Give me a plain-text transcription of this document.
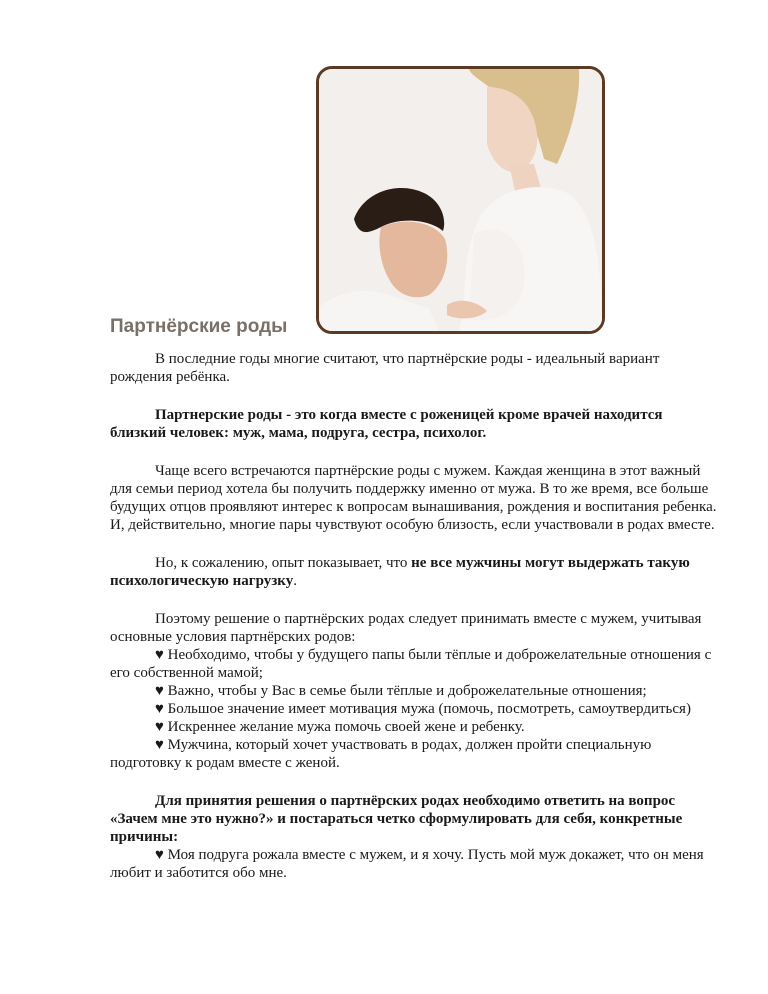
Партнёрские роды

В последние годы многие считают, что партнёрские роды - идеальный вариант рождения ребёнка.

Партнерские роды - это когда вместе с роженицей кроме врачей находится близкий человек: муж, мама, подруга, сестра, психолог.

Чаще всего встречаются партнёрские роды с мужем. Каждая женщина в этот важный для семьи период хотела бы получить поддержку именно от мужа. В то же время, все больше будущих отцов проявляют интерес к вопросам вынашивания, рождения и воспитания ребенка. И, действительно, многие пары чувствуют особую близость, если участвовали в родах вместе.

Но, к сожалению, опыт показывает, что не все мужчины могут выдержать такую психологическую нагрузку.

Поэтому решение о партнёрских родах следует принимать вместе с мужем, учитывая основные условия партнёрских родов:
♥ Необходимо, чтобы у будущего папы были тёплые и доброжелательные отношения с его собственной мамой;
♥ Важно, чтобы у Вас в семье были тёплые и доброжелательные отношения;
♥ Большое значение имеет мотивация мужа (помочь, посмотреть, самоутвердиться)
♥ Искреннее желание мужа помочь своей жене и ребенку.
♥ Мужчина, который хочет участвовать в родах, должен пройти специальную подготовку к родам вместе с женой.
Для принятия решения о партнёрских родах необходимо ответить на вопрос «Зачем мне это нужно?» и постараться четко сформулировать для себя, конкретные причины:
♥ Моя подруга рожала вместе с мужем, и я хочу. Пусть мой муж докажет, что он меня любит и заботится обо мне.
